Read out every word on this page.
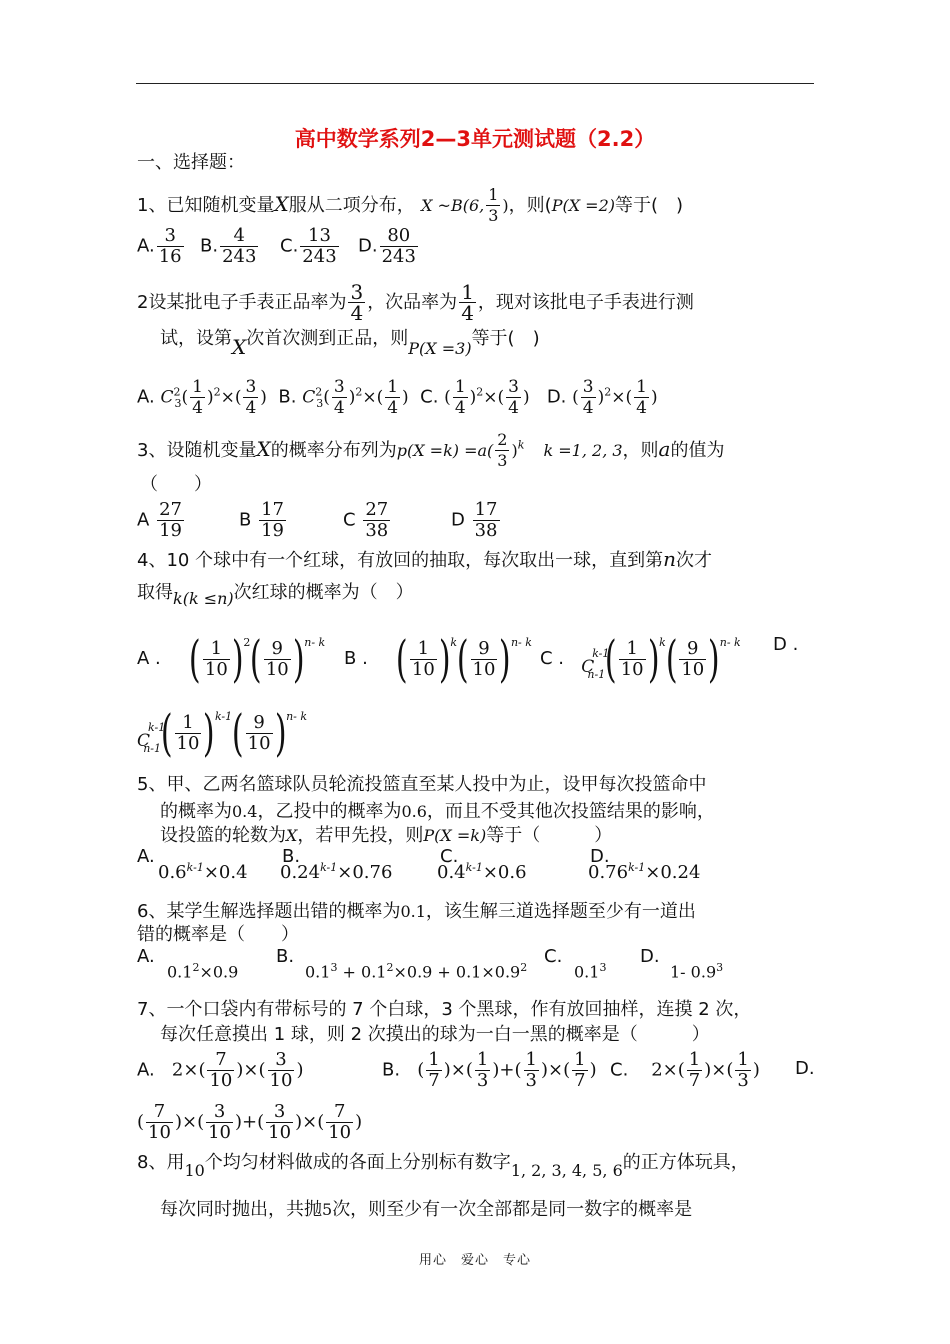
高中数学系列2—3单元测试题（2.2）
一、选择题：
1、已知随机变量X服从二项分布， X ~B(6, $\frac{1}{3}$ )，则(P(X =2)等于(　)
A. $\frac{3}{16} B$. $\frac{4}{243} C$. $\frac{13}{243} D$. $\frac{80}{243}$
2设某批电子手表正品率为 $\frac{3}{4}$ ，次品率为 $\frac{1}{4}$ ，现对该批电子手表进行测
试，设第X次首次测到正品，则$_{P(X =3)}$等于(　)
A. $C^2_3( \frac{1}{4} )^2\times( \frac{3}{4}$ ) B. $C^2_3( \frac{3}{4} )^2\times( \frac{1}{4}$ ) C. ( $\frac{1}{4} )^2\times( \frac{3}{4}$ ) D. ( $\frac{3}{4} )^2\times( \frac{1}{4}$ )
3、设随机变量X的概率分布列为$p(X =k) =a( \frac{2}{3} )^k$ k =1, 2, 3，则a的值为
（　　）
A $\frac{27}{19}$	B $\frac{17}{19}$	C $\frac{27}{38}$	D $\frac{17}{38}$
4、10 个球中有一个红球，有放回的抽取，每次取出一球，直到第n次才
取得$_{k(k \le n)}$次红球的概率为（　）
A . ( $\frac{1}{10} )^2( \frac{9}{10} )^{n- k}$
B . ( $\frac{1}{10} )^k( \frac{9}{10} )^{n- k}$
C . $C^{k-1}_{n-1}( \frac{1}{10} )^k( \frac{9}{10} )^{n- k}$ D .
$C^{k-1}_{n-1}( \frac{1}{10} )^{k-1}( \frac{9}{10} )^{n- k}$
5、甲、乙两名篮球队员轮流投篮直至某人投中为止，设甲每次投篮命中
的概率为0.4，乙投中的概率为0.6，而且不受其他次投篮结果的影响，
设投篮的轮数为X，若甲先投，则P(X =k)等于（　　　）
A.
$0.6^{k-1}\times 0.4$
B.
$0.24^{k-1}\times 0.76$
C.
$0.4^{k-1}\times 0.6$
D.
$0.76^{k-1}\times 0.24$
6、某学生解选择题出错的概率为0.1，该生解三道选择题至少有一道出
错的概率是（　　）
A.
$0.1^2\times 0.9$
B.
$0.1^3 + 0.1^2\times 0.9 + 0.1\times 0.9^2$
C.
$0.1^3$
D.
1- $0.9^3$
7、一个口袋内有带标号的 7 个白球，3 个黑球，作有放回抽样，连摸 2 次，
每次任意摸出 1 球，则 2 次摸出的球为一白一黑的概率是（　　　）
A. $2\times( \frac{7}{10}$ )×( $\frac{3}{10}$ )	B. ( $\frac{1}{7}$ )×( $\frac{1}{3}$ )+( $\frac{1}{3}$ )×( $\frac{1}{7}$ ) C. $2\times( \frac{1}{7}$ )×( $\frac{1}{3}$ ) D.
( $\frac{7}{10}$ )×( $\frac{3}{10}$ )+( $\frac{3}{10}$ )×( $\frac{7}{10}$ )
8、用$_{10}$个均匀材料做成的各面上分别标有数字$_{1, 2, 3, 4, 5, 6}$的正方体玩具，
每次同时抛出，共抛5次，则至少有一次全部都是同一数字的概率是
用心　爱心　专心
